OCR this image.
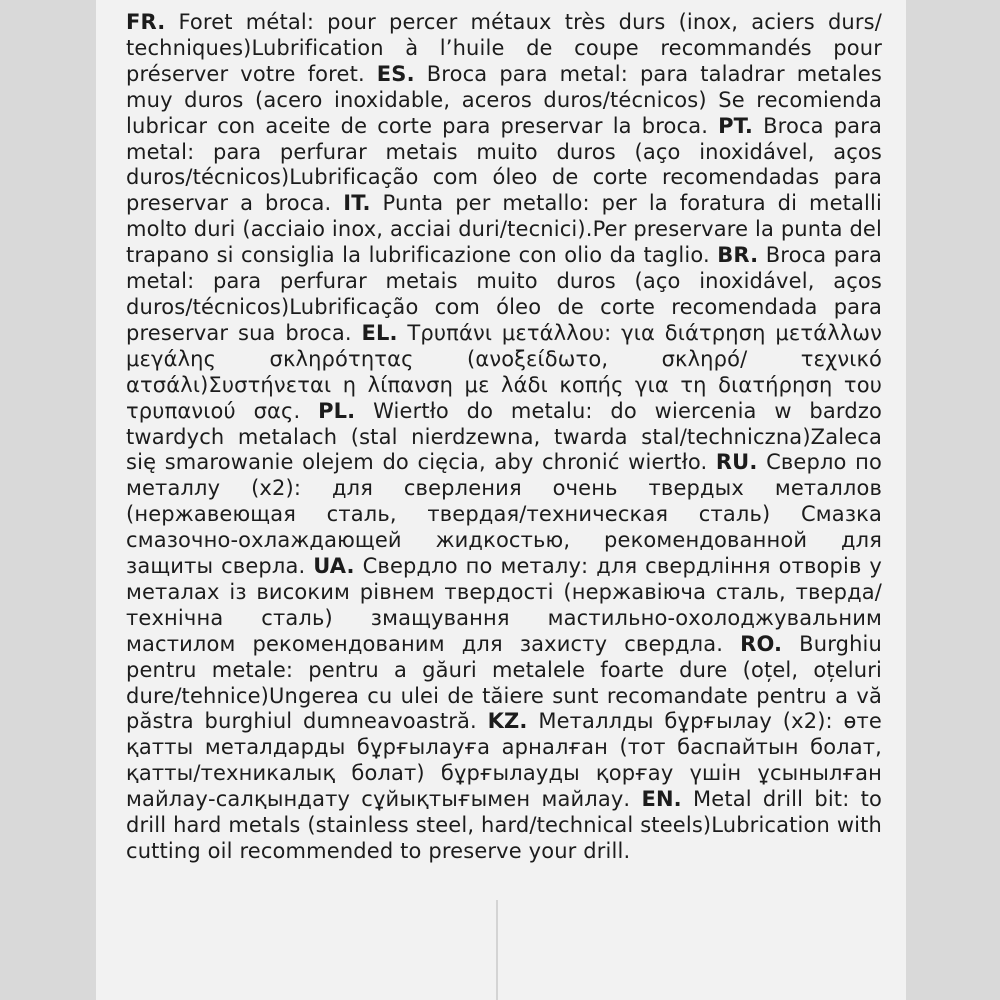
FR. Foret métal: pour percer métaux très durs (inox, aciers durs/ techniques)Lubrification à l’huile de coupe recommandés pour préserver votre foret. ES. Broca para metal: para taladrar metales muy duros (acero inoxidable, aceros duros/técnicos) Se recomienda lubricar con aceite de corte para preservar la broca. PT. Broca para metal: para perfurar metais muito duros (aço inoxidável, aços duros/técnicos)Lubrificação com óleo de corte recomendadas para preservar a broca. IT. Punta per metallo: per la foratura di metalli molto duri (acciaio inox, acciai duri/tecnici).Per preservare la punta del trapano si consiglia la lubrificazione con olio da taglio. BR. Broca para metal: para perfurar metais muito duros (aço inoxidável, aços duros/técnicos)Lubrificação com óleo de corte recomendada para preservar sua broca. EL. Τρυπάνι μετάλλου: για διάτρηση μετάλλων μεγάλης σκληρότητας (ανοξείδωτο, σκληρό/ τεχνικό ατσάλι)Συστήνεται η λίπανση με λάδι κοπής για τη διατήρηση του τρυπανιού σας. PL. Wiertło do metalu: do wiercenia w bardzo twardych metalach (stal nierdzewna, twarda stal/techniczna)Zaleca się smarowanie olejem do cięcia, aby chronić wiertło. RU. Сверло по металлу (x2): для сверления очень твердых металлов (нержавеющая сталь, твердая/техническая сталь) Смазка смазочно-охлаждающей жидкостью, рекомендованной для защиты сверла. UA. Свердло по металу: для свердління отворів у металах із високим рівнем твердості (нержавіюча сталь, тверда/технічна сталь) змащування мастильно-охолоджувальним мастилом рекомендованим для захисту свердла. RO. Burghiu pentru metale: pentru a găuri metalele foarte dure (oțel, oțeluri dure/tehnice)Ungerea cu ulei de tăiere sunt recomandate pentru a vă păstra burghiul dumneavoastră. KZ. Металлды бұрғылау (x2): өте қатты металдарды бұрғылауға арналған (тот баспайтын болат, қатты/техникалық болат) бұрғылауды қорғау үшін ұсынылған майлау-салқындату сұйықтығымен майлау. EN. Metal drill bit: to drill hard metals (stainless steel, hard/technical steels)Lubrication with cutting oil recommended to preserve your drill.
